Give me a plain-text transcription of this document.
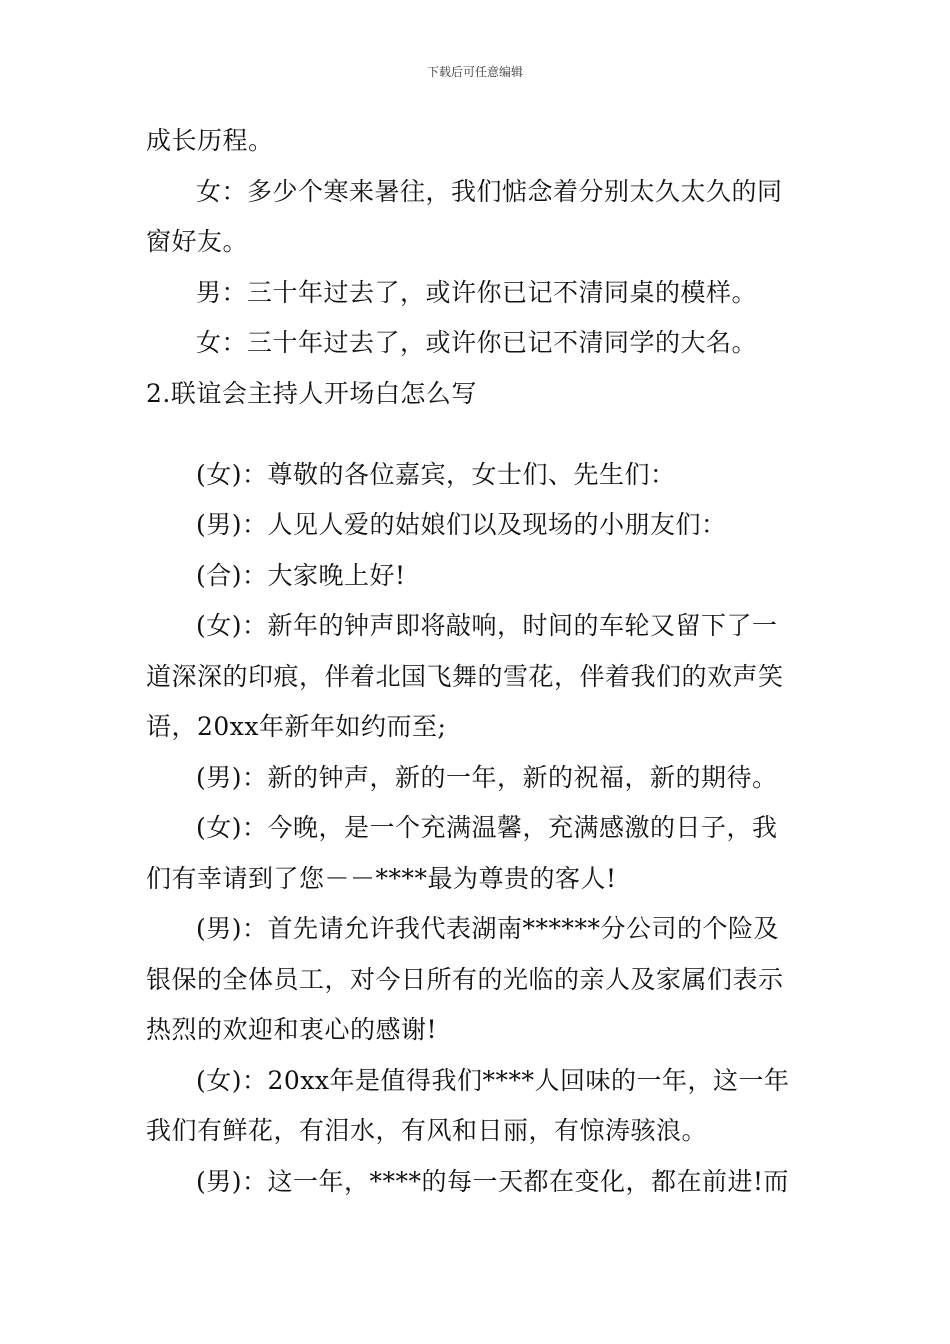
下载后可任意编辑
成长历程。
女：多少个寒来暑往，我们惦念着分别太久太久的同
窗好友。
男：三十年过去了，或许你已记不清同桌的模样。
女：三十年过去了，或许你已记不清同学的大名。
2.联谊会主持人开场白怎么写
(女)：尊敬的各位嘉宾，女士们、先生们：
(男)：人见人爱的姑娘们以及现场的小朋友们：
(合)：大家晚上好!
(女)：新年的钟声即将敲响，时间的车轮又留下了一
道深深的印痕，伴着北国飞舞的雪花，伴着我们的欢声笑
语，20xx年新年如约而至;
(男)：新的钟声，新的一年，新的祝福，新的期待。
(女)：今晚，是一个充满温馨，充满感激的日子，我
们有幸请到了您－－****最为尊贵的客人!
(男)：首先请允许我代表湖南******分公司的个险及
银保的全体员工，对今日所有的光临的亲人及家属们表示
热烈的欢迎和衷心的感谢!
(女)：20xx年是值得我们****人回味的一年，这一年
我们有鲜花，有泪水，有风和日丽，有惊涛骇浪。
(男)：这一年，****的每一天都在变化，都在前进!而
